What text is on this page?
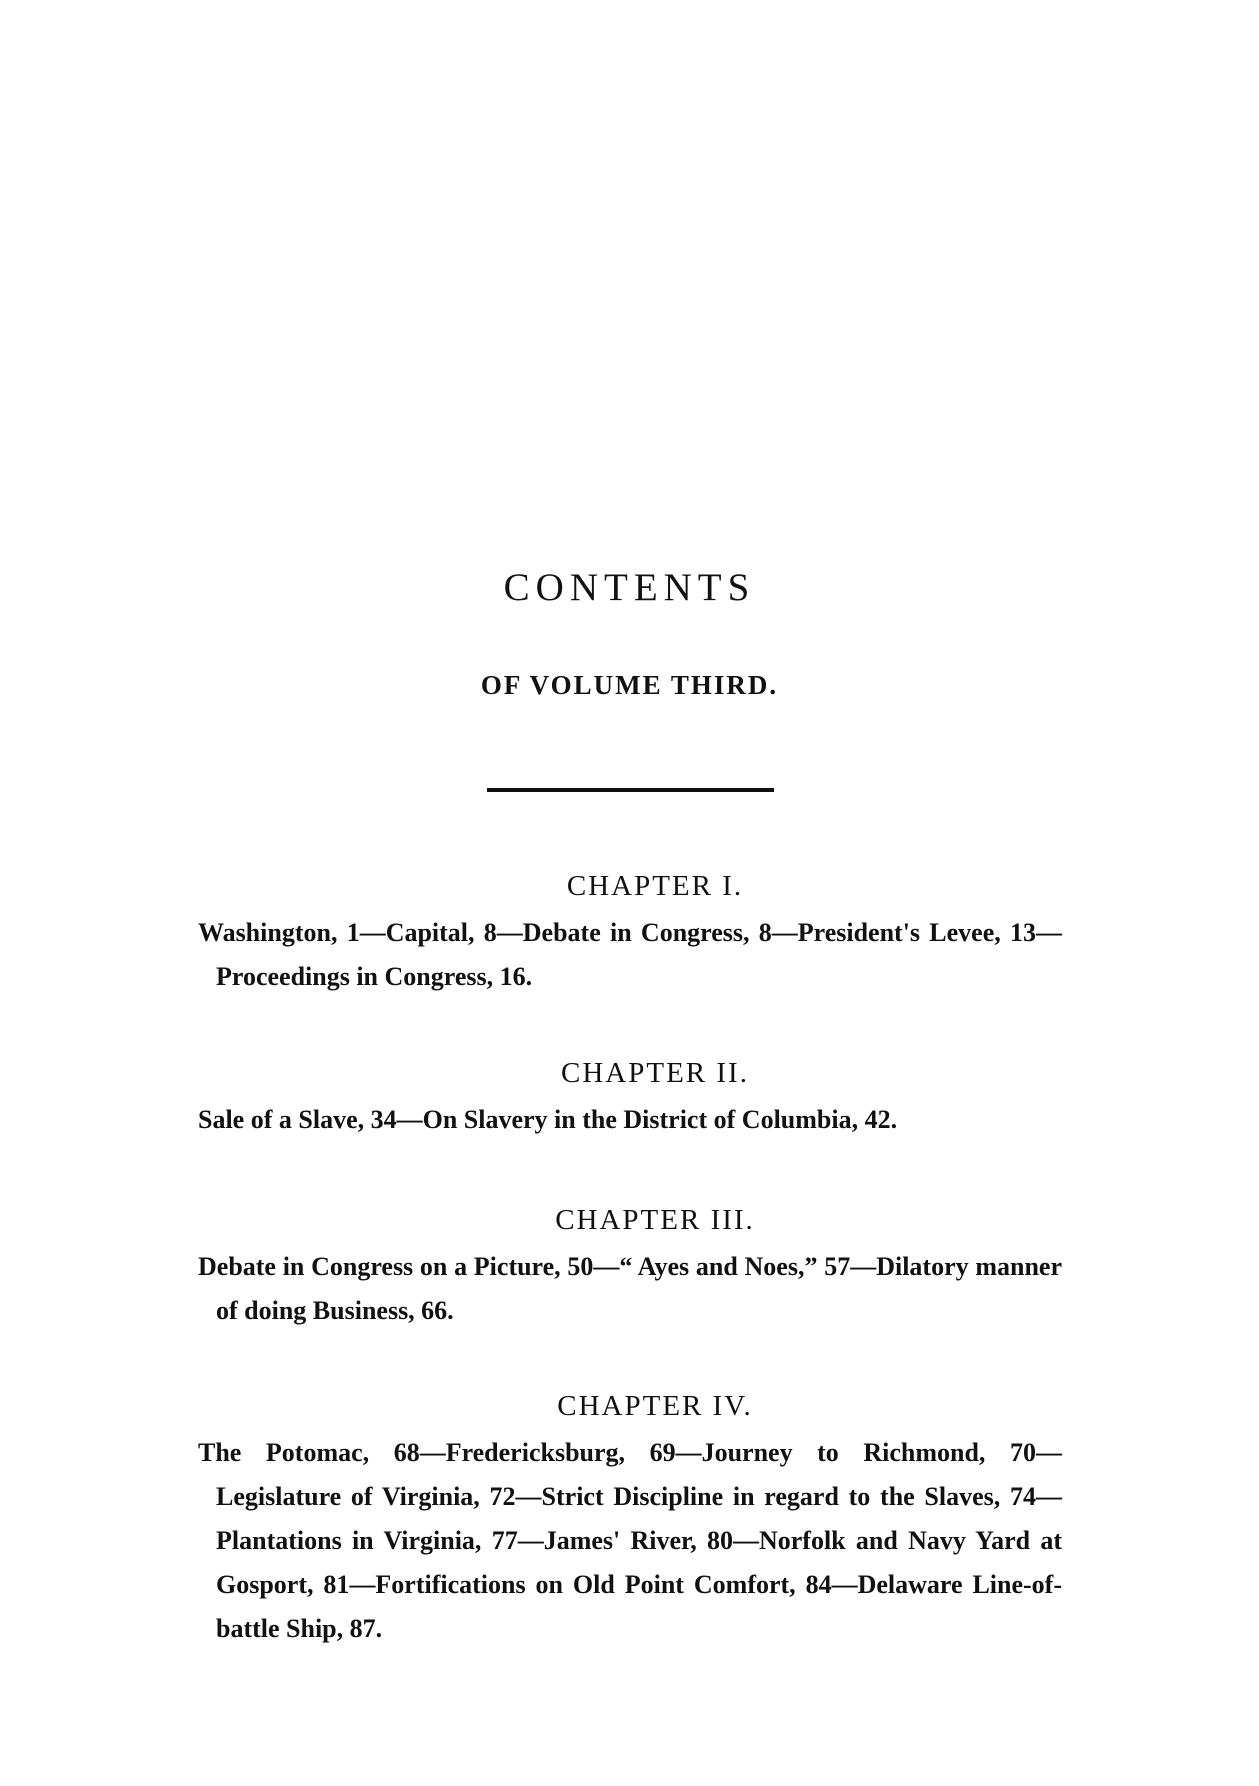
CONTENTS
OF VOLUME THIRD.
CHAPTER I.

Washington, 1—Capital, 8—Debate in Congress, 8—President's Levee, 13—Proceedings in Congress, 16.

CHAPTER II.

Sale of a Slave, 34—On Slavery in the District of Columbia, 42.

CHAPTER III.

Debate in Congress on a Picture, 50—“ Ayes and Noes,” 57—Dilatory manner of doing Business, 66.

CHAPTER IV.

The Potomac, 68—Fredericksburg, 69—Journey to Richmond, 70—Legislature of Virginia, 72—Strict Discipline in regard to the Slaves, 74—Plantations in Virginia, 77—James' River, 80—Norfolk and Navy Yard at Gosport, 81—Fortifications on Old Point Comfort, 84—Delaware Line-of-battle Ship, 87.
